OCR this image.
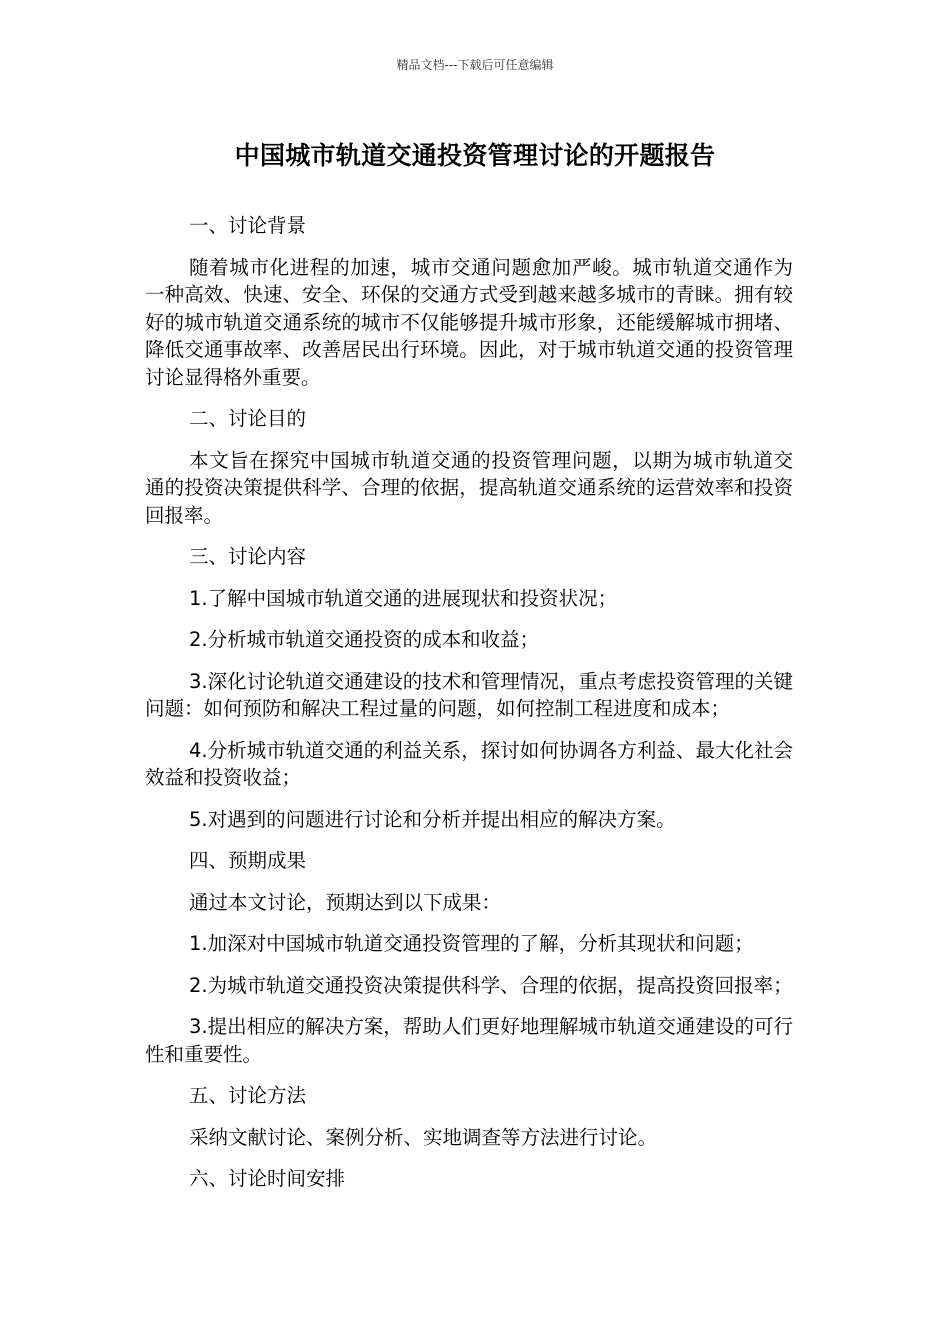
精品文档---下载后可任意编辑
中国城市轨道交通投资管理讨论的开题报告
一、讨论背景
随着城市化进程的加速，城市交通问题愈加严峻。城市轨道交通作为一种高效、快速、安全、环保的交通方式受到越来越多城市的青睐。拥有较好的城市轨道交通系统的城市不仅能够提升城市形象，还能缓解城市拥堵、降低交通事故率、改善居民出行环境。因此，对于城市轨道交通的投资管理讨论显得格外重要。
二、讨论目的
本文旨在探究中国城市轨道交通的投资管理问题，以期为城市轨道交通的投资决策提供科学、合理的依据，提高轨道交通系统的运营效率和投资回报率。
三、讨论内容
1.了解中国城市轨道交通的进展现状和投资状况；
2.分析城市轨道交通投资的成本和收益；
3.深化讨论轨道交通建设的技术和管理情况，重点考虑投资管理的关键问题：如何预防和解决工程过量的问题，如何控制工程进度和成本；
4.分析城市轨道交通的利益关系，探讨如何协调各方利益、最大化社会效益和投资收益；
5.对遇到的问题进行讨论和分析并提出相应的解决方案。
四、预期成果
通过本文讨论，预期达到以下成果：
1.加深对中国城市轨道交通投资管理的了解，分析其现状和问题；
2.为城市轨道交通投资决策提供科学、合理的依据，提高投资回报率；
3.提出相应的解决方案，帮助人们更好地理解城市轨道交通建设的可行性和重要性。
五、讨论方法
采纳文献讨论、案例分析、实地调查等方法进行讨论。
六、讨论时间安排
